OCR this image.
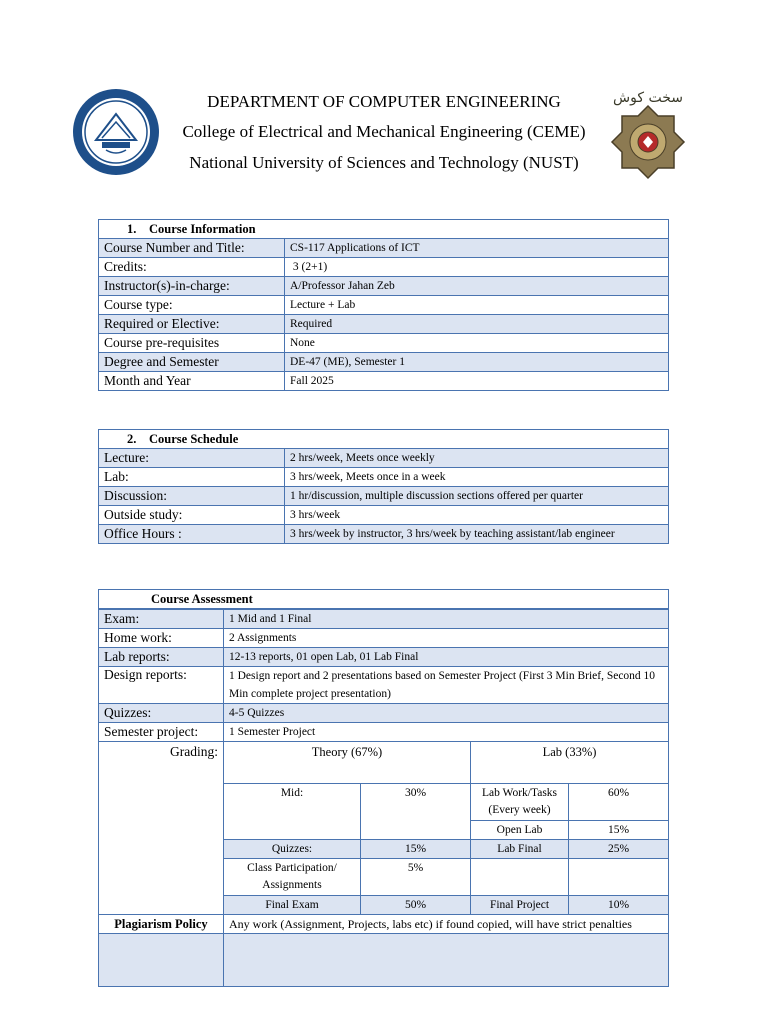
DEPARTMENT OF COMPUTER ENGINEERING
College of Electrical and Mechanical Engineering (CEME)
National University of Sciences and Technology (NUST)
سخت کوش
1. Course Information	
Course Number and Title:	CS-117 Applications of ICT
Credits:	3 (2+1)
Instructor(s)-in-charge:	A/Professor Jahan Zeb
Course type:	Lecture + Lab
Required or Elective:	Required
Course pre-requisites	None
Degree and Semester	DE-47 (ME), Semester 1
Month and Year	Fall 2025
2. Course Schedule	
Lecture:	2 hrs/week, Meets once weekly
Lab:	3 hrs/week, Meets once in a week
Discussion:	1 hr/discussion, multiple discussion sections offered per quarter
Outside study:	3 hrs/week
Office Hours :	3 hrs/week by instructor, 3 hrs/week by teaching assistant/lab engineer
Course Assessment				
Exam:	1 Mid and 1 Final			
Home work:	2 Assignments			
Lab reports:	12-13 reports, 01 open Lab, 01 Lab Final			
Design reports:	1 Design report and 2 presentations based on Semester Project (First 3 Min Brief, Second 10 Min complete project presentation)			
Quizzes:	4-5 Quizzes			
Semester project:	1 Semester Project			
Grading:	Theory (67%)		Lab (33%)	
	Mid:	30%	Lab Work/Tasks (Every week)	60%
			Open Lab	15%
	Quizzes:	15%	Lab Final	25%
	Class Participation/ Assignments	5%		
	Final Exam	50%	Final Project	10%
Plagiarism Policy	Any work (Assignment, Projects, labs etc) if found copied, will have strict penalties			
